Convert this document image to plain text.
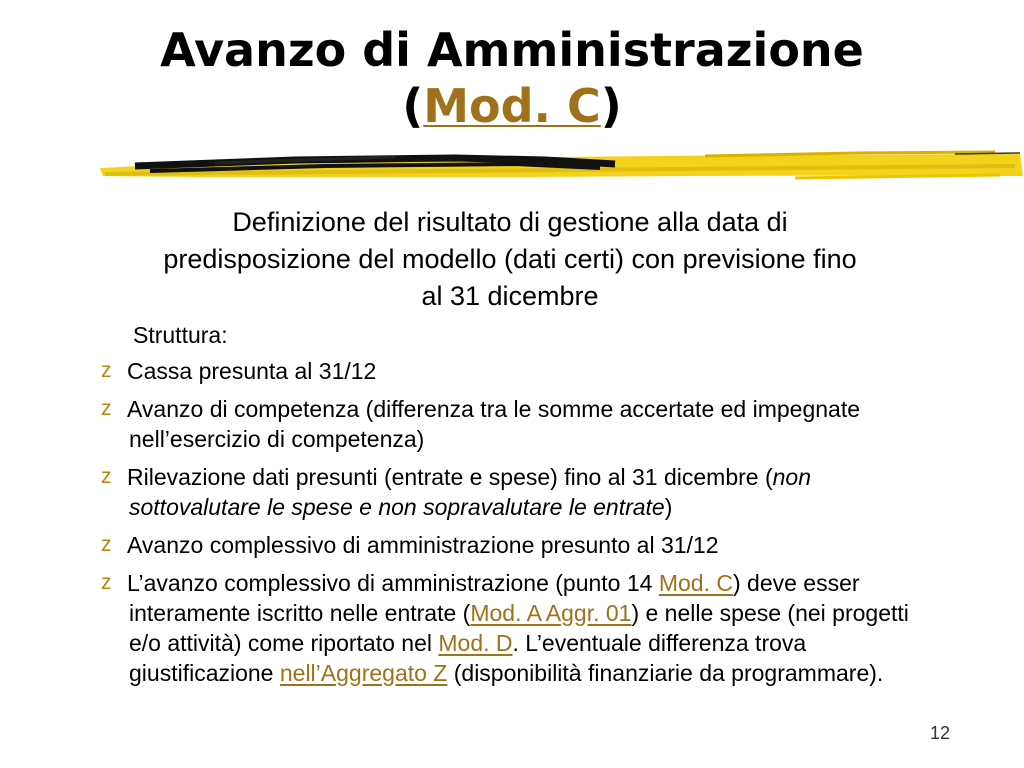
Avanzo di Amministrazione
(Mod. C)
Definizione del risultato di gestione alla data di predisposizione del modello (dati certi) con previsione fino al 31 dicembre
Struttura:
z Cassa presunta al 31/12
z Avanzo di competenza (differenza tra le somme accertate ed impegnate nell’esercizio di competenza)
z Rilevazione dati presunti (entrate e spese) fino al 31 dicembre (non sottovalutare le spese e non sopravalutare le entrate)
z Avanzo complessivo di amministrazione presunto al 31/12
z L’avanzo complessivo di amministrazione (punto 14 Mod. C) deve esser interamente iscritto nelle entrate (Mod. A Aggr. 01) e nelle spese (nei progetti e/o attività) come riportato nel Mod. D. L’eventuale differenza trova giustificazione nell’Aggregato Z (disponibilità finanziarie da programmare).
12
